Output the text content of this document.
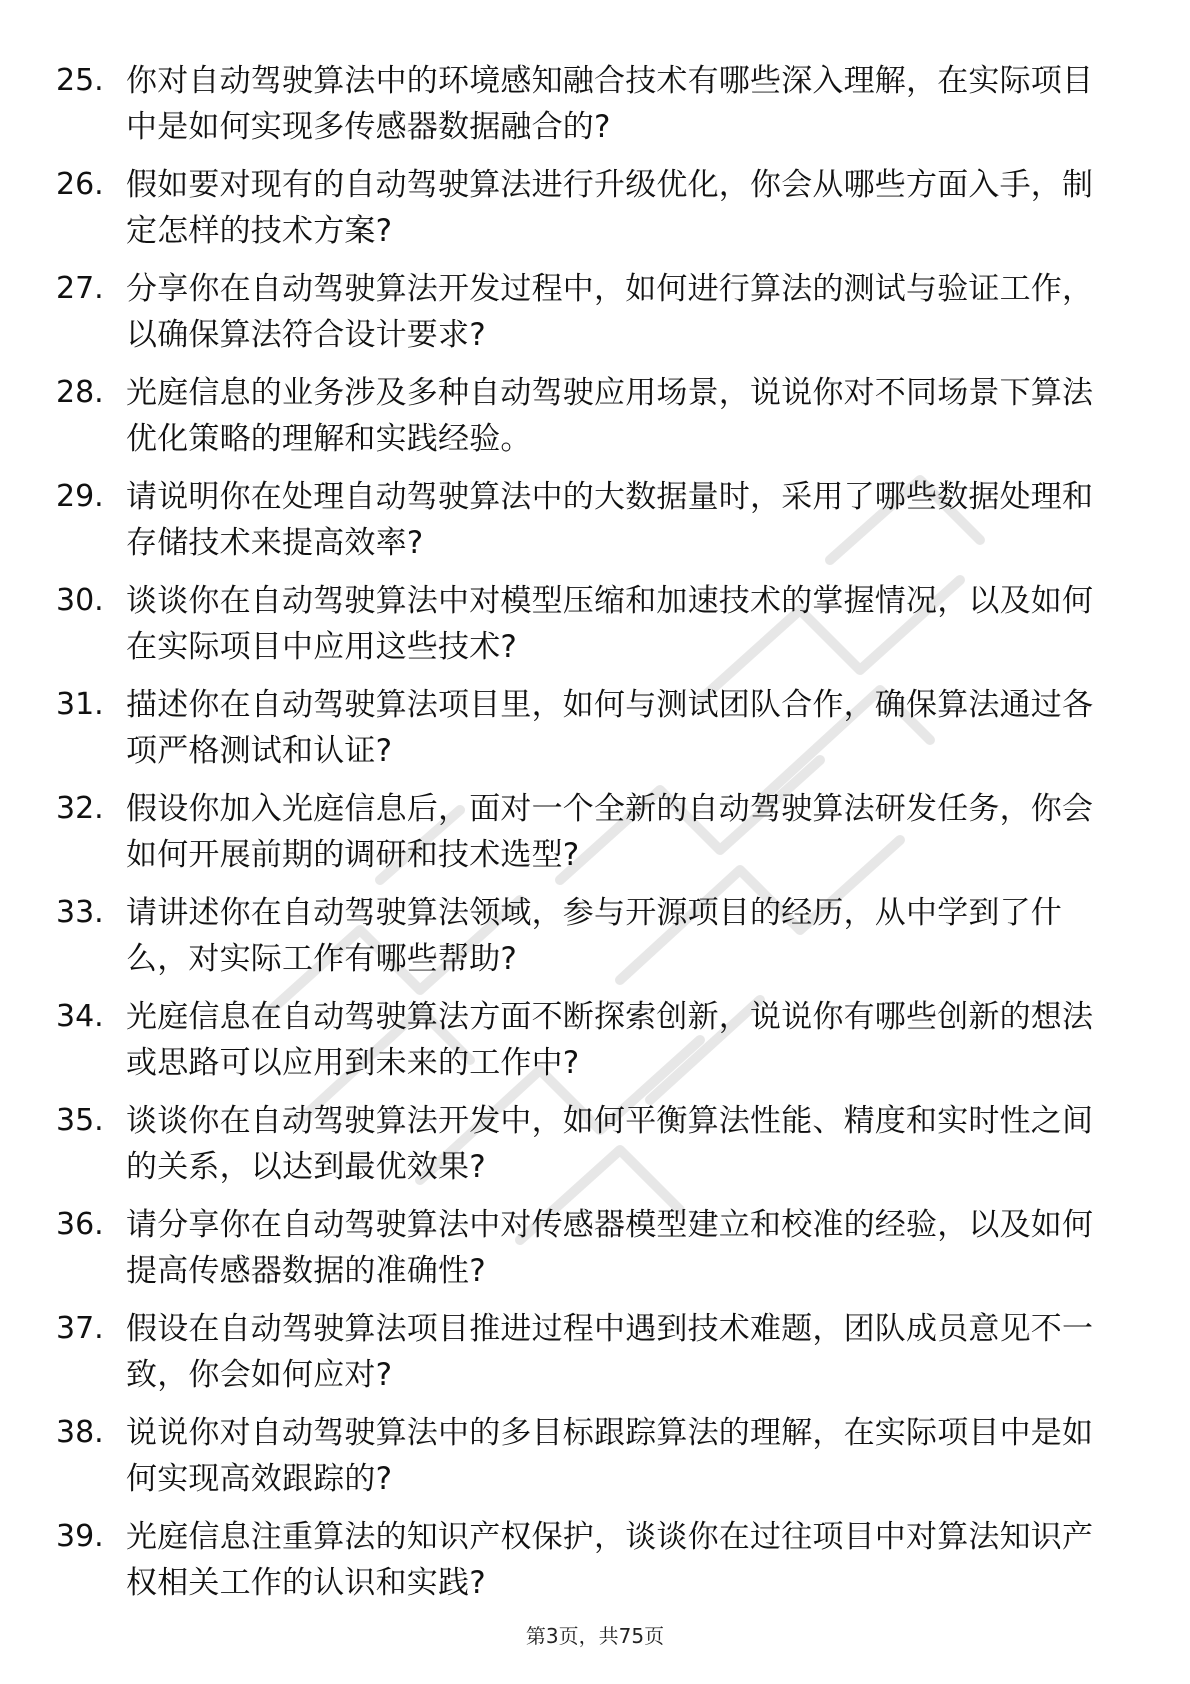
25. 你对自动驾驶算法中的环境感知融合技术有哪些深入理解，在实际项目中是如何实现多传感器数据融合的?
26. 假如要对现有的自动驾驶算法进行升级优化，你会从哪些方面入手，制定怎样的技术方案?
27. 分享你在自动驾驶算法开发过程中，如何进行算法的测试与验证工作，以确保算法符合设计要求?
28. 光庭信息的业务涉及多种自动驾驶应用场景，说说你对不同场景下算法优化策略的理解和实践经验。
29. 请说明你在处理自动驾驶算法中的大数据量时，采用了哪些数据处理和存储技术来提高效率?
30. 谈谈你在自动驾驶算法中对模型压缩和加速技术的掌握情况，以及如何在实际项目中应用这些技术?
31. 描述你在自动驾驶算法项目里，如何与测试团队合作，确保算法通过各项严格测试和认证?
32. 假设你加入光庭信息后，面对一个全新的自动驾驶算法研发任务，你会如何开展前期的调研和技术选型?
33. 请讲述你在自动驾驶算法领域，参与开源项目的经历，从中学到了什么，对实际工作有哪些帮助?
34. 光庭信息在自动驾驶算法方面不断探索创新，说说你有哪些创新的想法或思路可以应用到未来的工作中?
35. 谈谈你在自动驾驶算法开发中，如何平衡算法性能、精度和实时性之间的关系，以达到最优效果?
36. 请分享你在自动驾驶算法中对传感器模型建立和校准的经验，以及如何提高传感器数据的准确性?
37. 假设在自动驾驶算法项目推进过程中遇到技术难题，团队成员意见不一致，你会如何应对?
38. 说说你对自动驾驶算法中的多目标跟踪算法的理解，在实际项目中是如何实现高效跟踪的?
39. 光庭信息注重算法的知识产权保护，谈谈你在过往项目中对算法知识产权相关工作的认识和实践?
第3页，共75页
